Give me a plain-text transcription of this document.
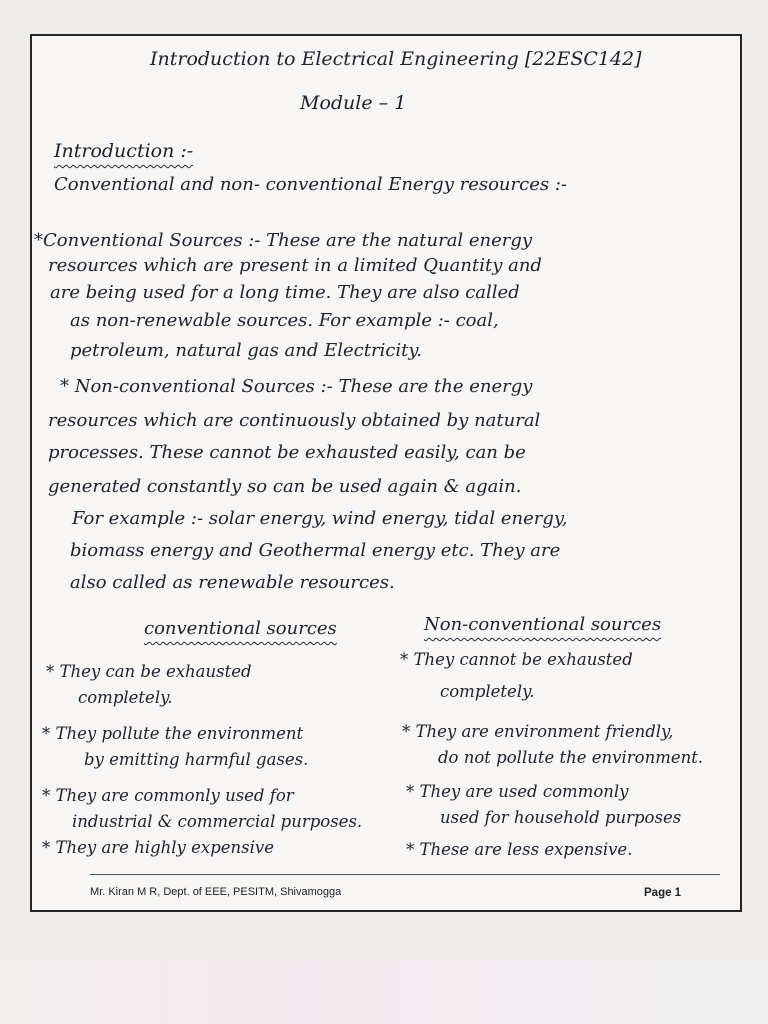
Introduction to Electrical Engineering [22ESC142]
Module – 1
Introduction :-
Conventional and non- conventional Energy resources :-
*Conventional Sources :- These are the natural energy
resources which are present in a limited Quantity and
are being used for a long time. They are also called
as non-renewable sources. For example :- coal,
petroleum, natural gas and Electricity.
* Non-conventional Sources :- These are the energy
resources which are continuously obtained by natural
processes. These cannot be exhausted easily, can be
generated constantly so can be used again & again.
For example :- solar energy, wind energy, tidal energy,
biomass energy and Geothermal energy etc. They are
also called as renewable resources.
conventional sources	Non-conventional sources
* They can be exhausted
completely.
* They pollute the environment
by emitting harmful gases.
* They are commonly used for
industrial & commercial purposes.
* They are highly expensive
* They cannot be exhausted
completely.
* They are environment friendly,
do not pollute the environment.
* They are used commonly
used for household purposes
* These are less expensive.
Mr. Kiran M R, Dept. of EEE, PESITM, Shivamogga	Page 1
